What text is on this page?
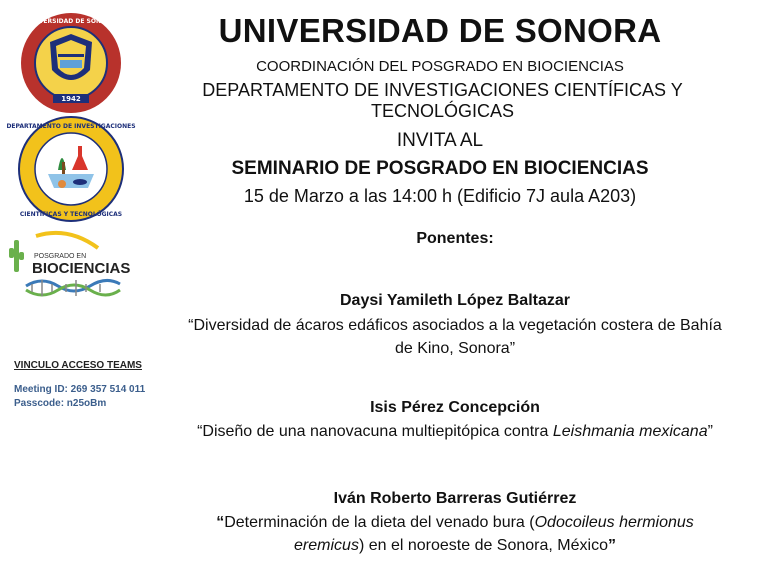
1942
UNIVERSIDAD DE SONORA
DEPARTAMENTO DE INVESTIGACIONES
CIENTÍFICAS Y TECNOLÓGICAS
POSGRADO EN
BIOCIENCIAS
UNIVERSIDAD DE SONORA
COORDINACIÓN DEL POSGRADO EN BIOCIENCIAS
DEPARTAMENTO DE INVESTIGACIONES CIENTÍFICAS Y TECNOLÓGICAS
INVITA AL
SEMINARIO DE POSGRADO EN BIOCIENCIAS
15 de Marzo a las 14:00 h (Edificio 7J aula A203)
Ponentes:
Daysi Yamileth López Baltazar
“Diversidad de ácaros edáficos asociados a la vegetación costera de Bahía
de Kino, Sonora”
Isis Pérez Concepción
“Diseño de una nanovacuna multiepitópica contra Leishmania mexicana”
Iván Roberto Barreras Gutiérrez
“Determinación de la dieta del venado bura (Odocoileus hermionus
eremicus) en el noroeste de Sonora, México”
VINCULO ACCESO TEAMS
Meeting ID: 269 357 514 011
Passcode: n25oBm
